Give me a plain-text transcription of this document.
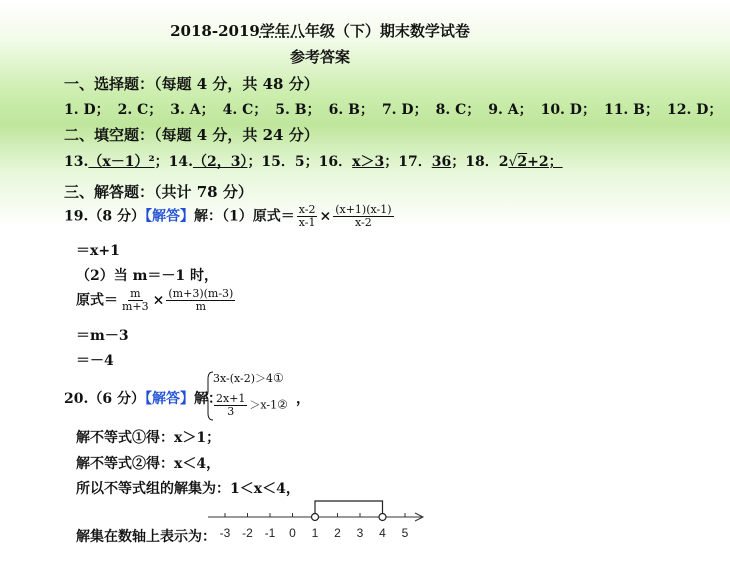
2018-2019学年八年级（下）期末数学试卷
参考答案
一、选择题：（每题 4 分，共 48 分）
1. D； 2. C； 3. A； 4. C； 5. B； 6. B； 7. D； 8. C； 9. A； 10. D； 11. B； 12. D；
二、填空题：（每题 4 分，共 24 分）
13.（x－1）²；14.（2，3）；15．5；16．x＞3；17．36；18．2√2+2；
三、解答题：（共计 78 分）
19.（8 分）【解答】解：（1）原式＝ $\frac{x-2}{x-1} \times \frac{(x+1)(x-1)}{x-2}$
＝x+1
（2）当 m＝－1 时，
原式＝ $\frac{m}{m+3} \times \frac{(m+3)(m-3)}{m}$
＝m－3
＝－4
20.（6 分）【解答】解：
3x-(x-2)＞4①
$\frac{2x+1}{3}$ ＞x-1② ，
解不等式①得：x＞1；
解不等式②得：x＜4，
所以不等式组的解集为：1＜x＜4，
解集在数轴上表示为： -3 -2 -1 0 1 2 3 4 5
